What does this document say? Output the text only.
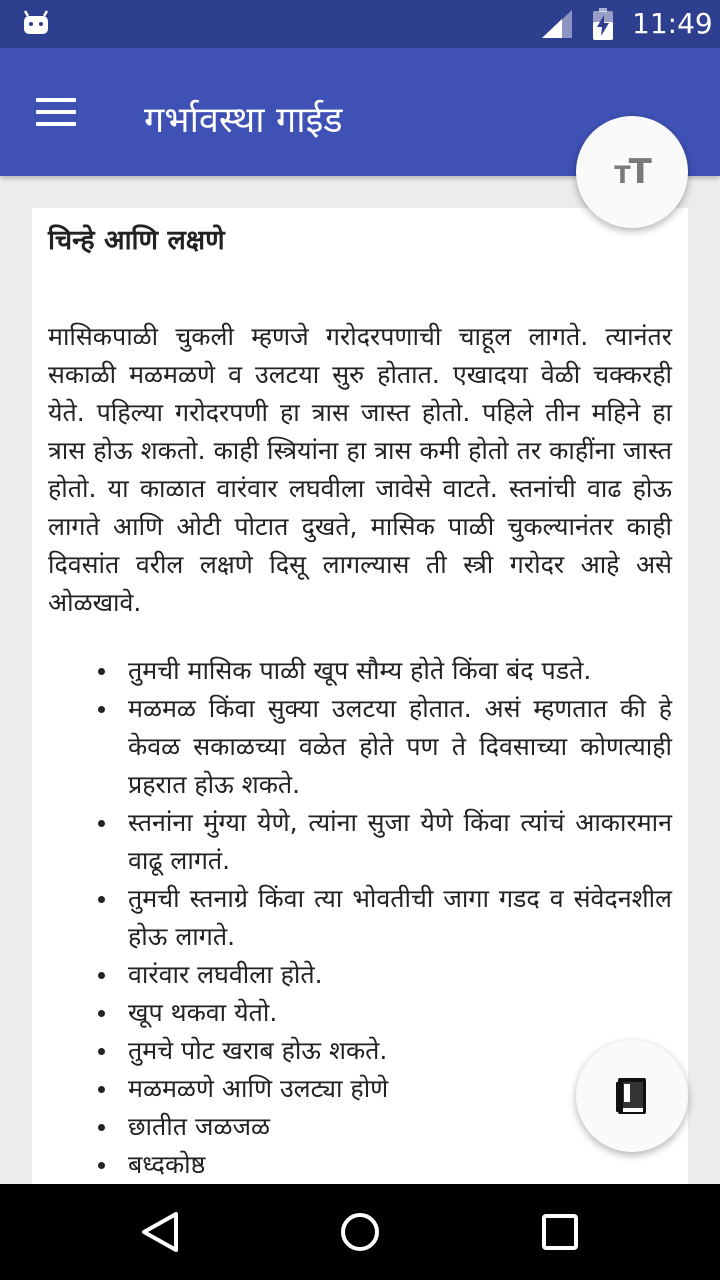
11:49
गर्भावस्था गाईड
चिन्हे आणि लक्षणे

मासिकपाळी चुकली म्हणजे गरोदरपणाची चाहूल लागते. त्यानंतर सकाळी मळमळणे व उलटया सुरु होतात. एखादया वेळी चक्करही येते. पहिल्या गरोदरपणी हा त्रास जास्त होतो. पहिले तीन महिने हा त्रास होऊ शकतो. काही स्त्रियांना हा त्रास कमी होतो तर काहींना जास्त होतो. या काळात वारंवार लघवीला जावेसे वाटते. स्तनांची वाढ होऊ लागते आणि ओटी पोटात दुखते, मासिक पाळी चुकल्यानंतर काही दिवसांत वरील लक्षणे दिसू लागल्यास ती स्त्री गरोदर आहे असे ओळखावे.

तुमची मासिक पाळी खूप सौम्य होते किंवा बंद पडते.
मळमळ किंवा सुक्या उलटया होतात. असं म्हणतात की हे केवळ सकाळच्या वळेत होते पण ते दिवसाच्या कोणत्याही प्रहरात होऊ शकते.
स्तनांना मुंग्या येणे, त्यांना सुजा येणे किंवा त्यांचं आकारमान वाढू लागतं.
तुमची स्तनाग्रे किंवा त्या भोवतीची जागा गडद व संवेदनशील होऊ लागते.
वारंवार लघवीला होते.
खूप थकवा येतो.
तुमचे पोट खराब होऊ शकते.
मळमळणे आणि उलट्या होणे
छातीत जळजळ
बध्दकोष्ठ
TT
